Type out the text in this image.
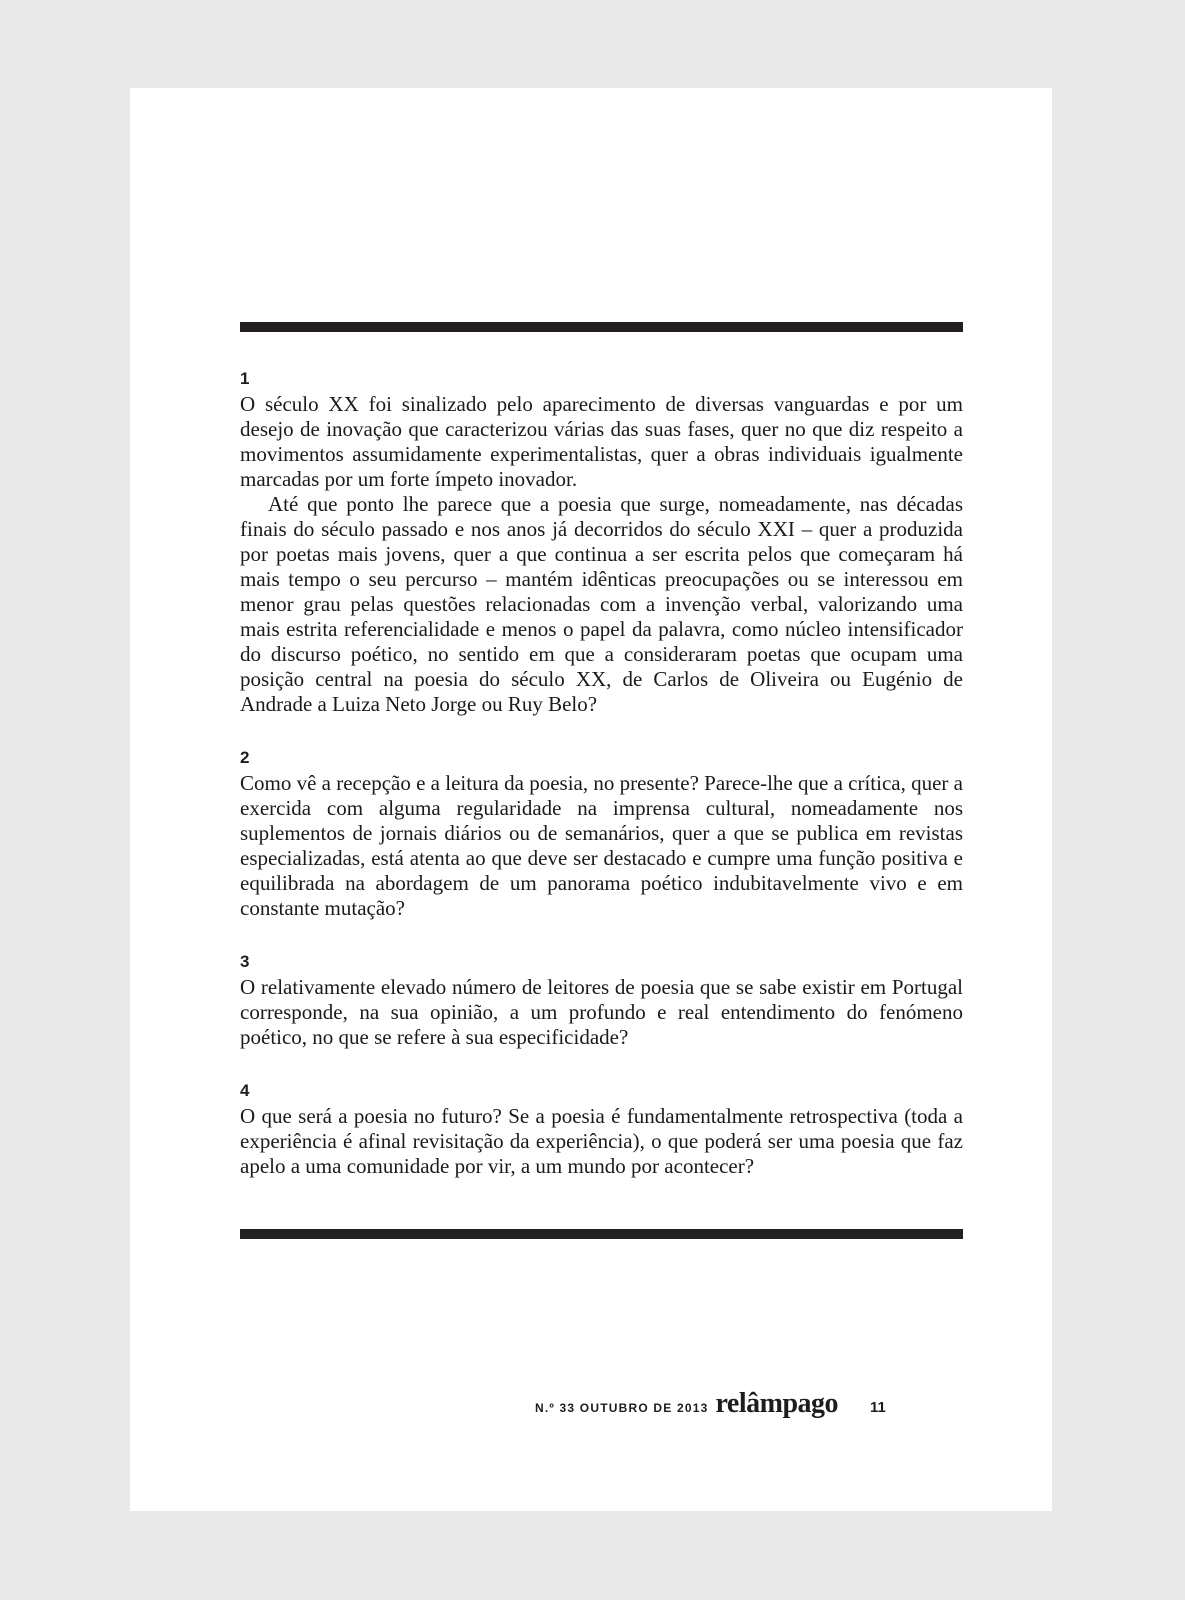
1

O século XX foi sinalizado pelo aparecimento de diversas vanguardas e por um desejo de inovação que caracterizou várias das suas fases, quer no que diz respeito a movimentos assumidamente experimentalistas, quer a obras individuais igualmente marcadas por um forte ímpeto inovador.

Até que ponto lhe parece que a poesia que surge, nomeadamente, nas décadas finais do século passado e nos anos já decorridos do século XXI – quer a produzida por poetas mais jovens, quer a que continua a ser escrita pelos que começaram há mais tempo o seu percurso – mantém idênticas preocupações ou se interessou em menor grau pelas questões relacionadas com a invenção verbal, valorizando uma mais estrita referencialidade e menos o papel da palavra, como núcleo intensificador do discurso poético, no sentido em que a consideraram poetas que ocupam uma posição central na poesia do século XX, de Carlos de Oliveira ou Eugénio de Andrade a Luiza Neto Jorge ou Ruy Belo?

2

Como vê a recepção e a leitura da poesia, no presente? Parece-lhe que a crítica, quer a exercida com alguma regularidade na imprensa cultural, nomeadamente nos suplementos de jornais diários ou de semanários, quer a que se publica em revistas especializadas, está atenta ao que deve ser destacado e cumpre uma função positiva e equilibrada na abordagem de um panorama poético indubitavelmente vivo e em constante mutação?

3

O relativamente elevado número de leitores de poesia que se sabe existir em Portugal corresponde, na sua opinião, a um profundo e real entendimento do fenómeno poético, no que se refere à sua especificidade?

4

O que será a poesia no futuro? Se a poesia é fundamentalmente retrospectiva (toda a experiência é afinal revisitação da experiência), o que poderá ser uma poesia que faz apelo a uma comunidade por vir, a um mundo por acontecer?

N.º 33 OUTUBRO DE 2013 relâmpago 11
